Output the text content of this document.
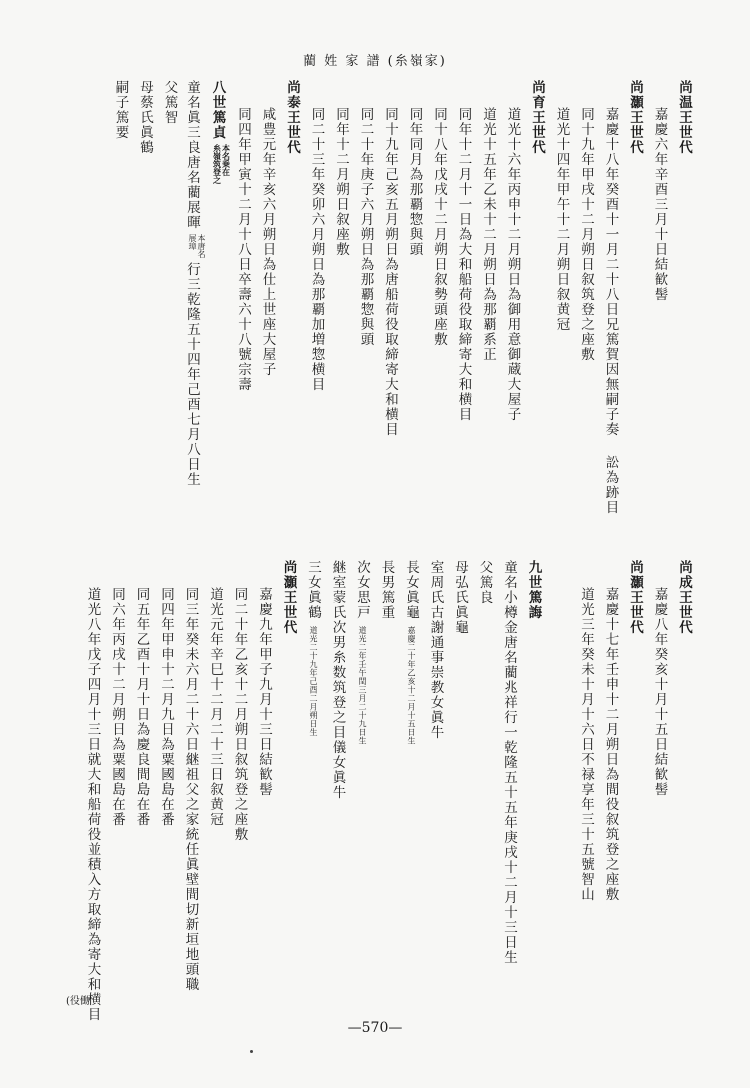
藺 姓 家 譜 (糸嶺家)
尚温王世代
嘉慶六年辛酉三月十日結歓髻
尚灝王世代
嘉慶十八年癸酉十一月二十八日兄篤賀因無嗣子奏訟為跡目
同十九年甲戌十二月朔日叙筑登之座敷
道光十四年甲午十二月朔日叙黄冠
尚育王世代
道光十六年丙申十二月朔日為御用意御蔵大屋子
道光十五年乙未十二月朔日為那覇系正
同年十二月十一日為大和船荷役取締寄大和横目
同十八年戊戌十二月朔日叙勢頭座敷
同年同月為那覇惣與頭
同十九年己亥五月朔日為唐船荷役取締寄大和横目
同二十年庚子六月朔日為那覇惣與頭
同年十二月朔日叙座敷
同二十三年癸卯六月朔日為那覇加増惣横目
尚泰王世代
咸豊元年辛亥六月朔日為仕上世座大屋子
同四年甲寅十二月十八日卒壽六十八號宗壽
八世篤貞本名乗在
糸嶺筑登之
童名眞三良唐名藺展暉本唐名
展璋行三乾隆五十四年己酉七月八日生
父篤智
母蔡氏眞鶴
嗣子篤要
尚成王世代
嘉慶八年癸亥十月十五日結歓髻
尚灝王世代
嘉慶十七年壬申十二月朔日為間役叙筑登之座敷
道光三年癸未十月十六日不禄享年三十五號智山
九世篤誨
童名小樽金唐名藺兆祥行一乾隆五十五年庚戌十二月十三日生
父篤良
母弘氏眞龜
室周氏古謝通事崇教女眞牛
長女眞龜嘉慶二十年乙亥十二月十五日生
長男篤重
次女思戸道光二年壬午閏三月二十九日生
継室蒙氏次男糸数筑登之目儀女眞牛
三女眞鶴道光二十九年己酉二月朔日生
尚灝王世代
嘉慶九年甲子九月十三日結歓髻
同二十年乙亥十二月朔日叙筑登之座敷
道光元年辛巳十二月二十三日叙黄冠
同三年癸未六月二十六日継祖父之家統任眞壁間切新垣地頭職
同四年甲申十二月九日為粟國島在番
同五年乙酉十月十日為慶良間島在番
同六年丙戌十二月朔日為粟國島在番
道光八年戊子四月十三日就大和船荷役並積入方取締為寄大和横目
(役働
—570—
